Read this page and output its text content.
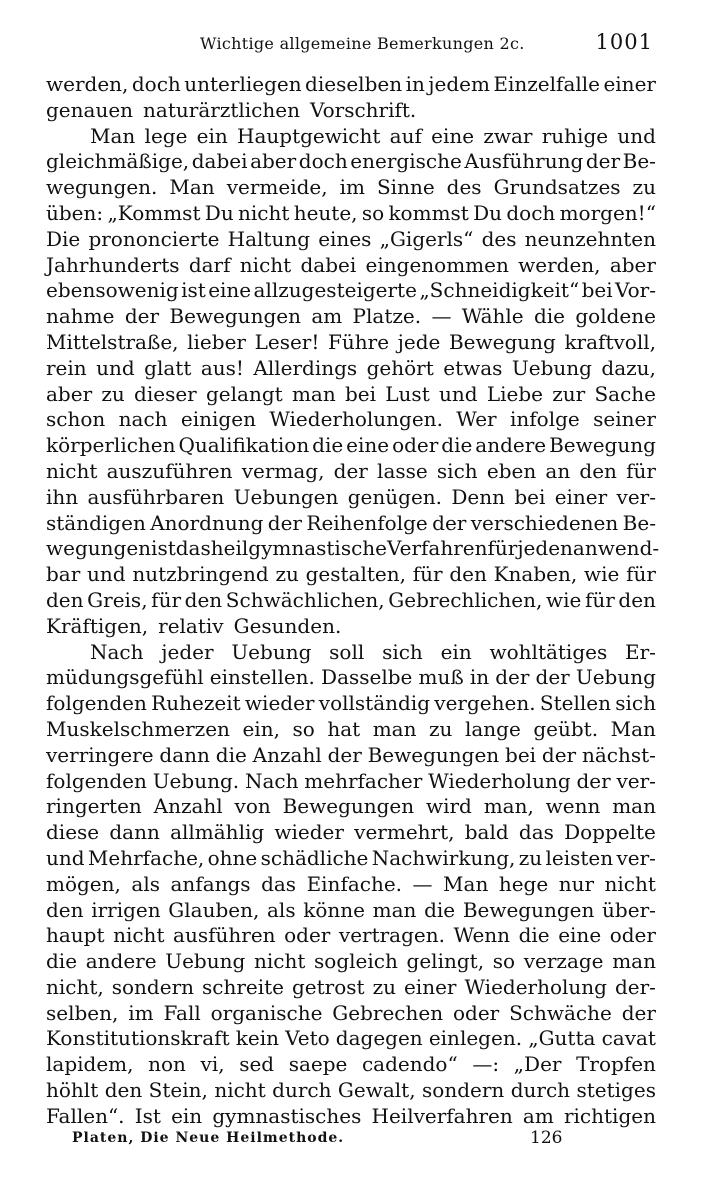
Wichtige allgemeine Bemerkungen 2c.	1001
werden, doch unterliegen dieselben in jedem Einzelfalle einer
genauen naturärztlichen Vorschrift.
Man lege ein Hauptgewicht auf eine zwar ruhige und
gleichmäßige, dabei aber doch energische Ausführung der Be-
wegungen. Man vermeide, im Sinne des Grundsatzes zu
üben: „Kommst Du nicht heute, so kommst Du doch morgen!“
Die prononcierte Haltung eines „Gigerls“ des neunzehnten
Jahrhunderts darf nicht dabei eingenommen werden, aber
ebensowenig ist eine allzugesteigerte „Schneidigkeit“ bei Vor-
nahme der Bewegungen am Platze. — Wähle die goldene
Mittelstraße, lieber Leser! Führe jede Bewegung kraftvoll,
rein und glatt aus! Allerdings gehört etwas Uebung dazu,
aber zu dieser gelangt man bei Lust und Liebe zur Sache
schon nach einigen Wiederholungen. Wer infolge seiner
körperlichen Qualifikation die eine oder die andere Bewegung
nicht auszuführen vermag, der lasse sich eben an den für
ihn ausführbaren Uebungen genügen. Denn bei einer ver-
ständigen Anordnung der Reihenfolge der verschiedenen Be-
wegungen ist das heilgymnastische Verfahren für jeden anwend-
bar und nutzbringend zu gestalten, für den Knaben, wie für
den Greis, für den Schwächlichen, Gebrechlichen, wie für den
Kräftigen, relativ Gesunden.
Nach jeder Uebung soll sich ein wohltätiges Er-
müdungsgefühl einstellen. Dasselbe muß in der der Uebung
folgenden Ruhezeit wieder vollständig vergehen. Stellen sich
Muskelschmerzen ein, so hat man zu lange geübt. Man
verringere dann die Anzahl der Bewegungen bei der nächst-
folgenden Uebung. Nach mehrfacher Wiederholung der ver-
ringerten Anzahl von Bewegungen wird man, wenn man
diese dann allmählig wieder vermehrt, bald das Doppelte
und Mehrfache, ohne schädliche Nachwirkung, zu leisten ver-
mögen, als anfangs das Einfache. — Man hege nur nicht
den irrigen Glauben, als könne man die Bewegungen über-
haupt nicht ausführen oder vertragen. Wenn die eine oder
die andere Uebung nicht sogleich gelingt, so verzage man
nicht, sondern schreite getrost zu einer Wiederholung der-
selben, im Fall organische Gebrechen oder Schwäche der
Konstitutionskraft kein Veto dagegen einlegen. „Gutta cavat
lapidem, non vi, sed saepe cadendo“ —: „Der Tropfen
höhlt den Stein, nicht durch Gewalt, sondern durch stetiges
Fallen“. Ist ein gymnastisches Heilverfahren am richtigen
Platen, Die Neue Heilmethode.	126
